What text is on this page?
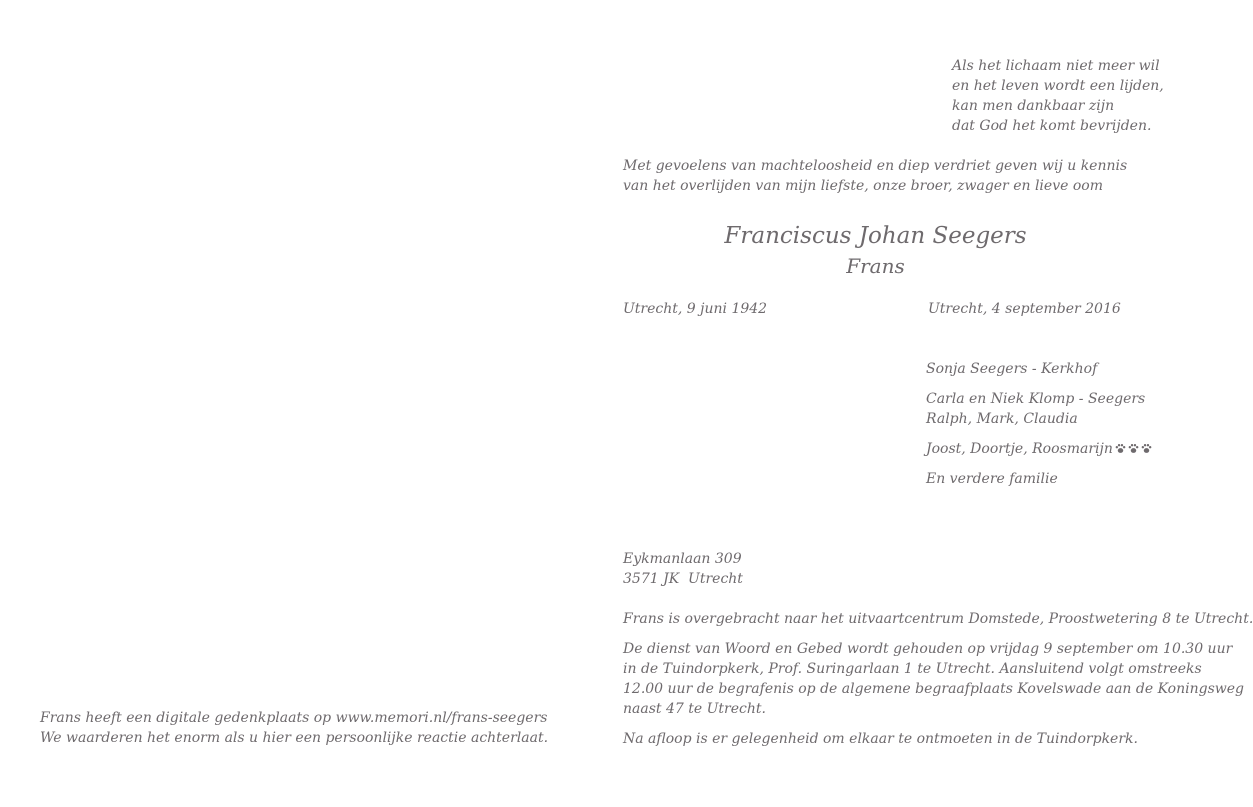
Als het lichaam niet meer wil
en het leven wordt een lijden,
kan men dankbaar zijn
dat God het komt bevrijden.
Met gevoelens van machteloosheid en diep verdriet geven wij u kennis
van het overlijden van mijn liefste, onze broer, zwager en lieve oom
Franciscus Johan Seegers
Frans
Utrecht, 9 juni 1942	Utrecht, 4 september 2016
Sonja Seegers - Kerkhof
Carla en Niek Klomp - Seegers
Ralph, Mark, Claudia
Joost, Doortje, Roosmarijn
En verdere familie
Eykmanlaan 309
3571 JK  Utrecht
Frans is overgebracht naar het uitvaartcentrum Domstede, Proostwetering 8 te Utrecht.
De dienst van Woord en Gebed wordt gehouden op vrijdag 9 september om 10.30 uur
in de Tuindorpkerk, Prof. Suringarlaan 1 te Utrecht. Aansluitend volgt omstreeks
12.00 uur de begrafenis op de algemene begraafplaats Kovelswade aan de Koningsweg
naast 47 te Utrecht.
Na afloop is er gelegenheid om elkaar te ontmoeten in de Tuindorpkerk.
Frans heeft een digitale gedenkplaats op www.memori.nl/frans-seegers
We waarderen het enorm als u hier een persoonlijke reactie achterlaat.
